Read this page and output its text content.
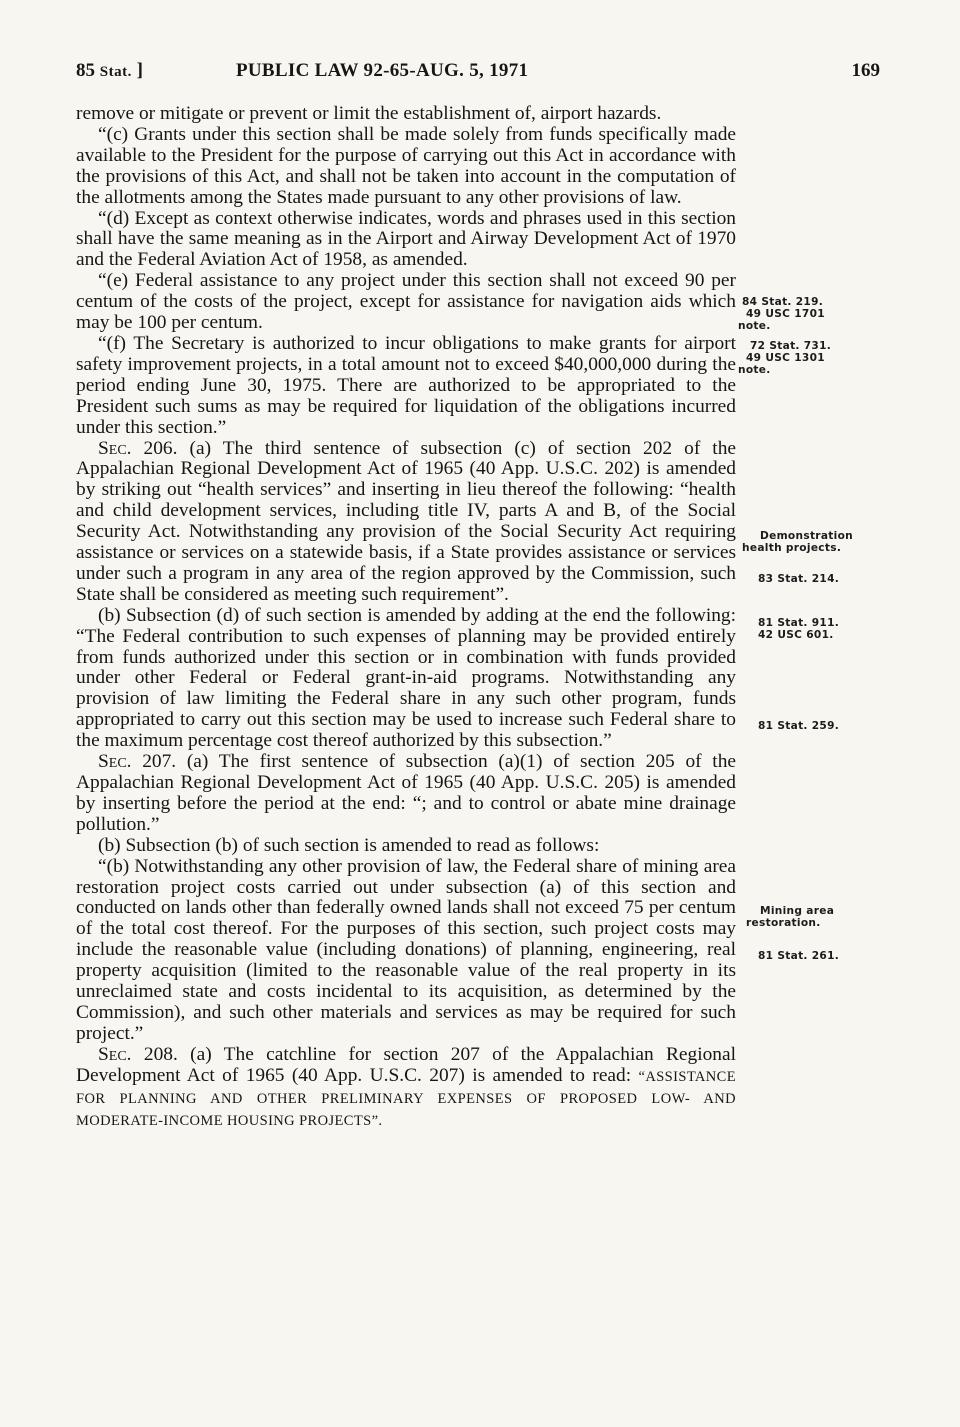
85 Stat. ]	PUBLIC LAW 92-65-AUG. 5, 1971	169

remove or mitigate or prevent or limit the establishment of, airport hazards.

“(c) Grants under this section shall be made solely from funds specifically made available to the President for the purpose of carrying out this Act in accordance with the provisions of this Act, and shall not be taken into account in the computation of the allotments among the States made pursuant to any other provisions of law.

“(d) Except as context otherwise indicates, words and phrases used in this section shall have the same meaning as in the Airport and Airway Development Act of 1970 and the Federal Aviation Act of 1958, as amended.

“(e) Federal assistance to any project under this section shall not exceed 90 per centum of the costs of the project, except for assistance for navigation aids which may be 100 per centum.

“(f) The Secretary is authorized to incur obligations to make grants for airport safety improvement projects, in a total amount not to exceed $40,000,000 during the period ending June 30, 1975. There are authorized to be appropriated to the President such sums as may be required for liquidation of the obligations incurred under this section.”

Sec. 206. (a) The third sentence of subsection (c) of section 202 of the Appalachian Regional Development Act of 1965 (40 App. U.S.C. 202) is amended by striking out “health services” and inserting in lieu thereof the following: “health and child development services, including title IV, parts A and B, of the Social Security Act. Notwithstanding any provision of the Social Security Act requiring assistance or services on a statewide basis, if a State provides assistance or services under such a program in any area of the region approved by the Commission, such State shall be considered as meeting such requirement”.

(b) Subsection (d) of such section is amended by adding at the end the following: “The Federal contribution to such expenses of planning may be provided entirely from funds authorized under this section or in combination with funds provided under other Federal or Federal grant-in-aid programs. Notwithstanding any provision of law limiting the Federal share in any such other program, funds appropriated to carry out this section may be used to increase such Federal share to the maximum percentage cost thereof authorized by this subsection.”

Sec. 207. (a) The first sentence of subsection (a)(1) of section 205 of the Appalachian Regional Development Act of 1965 (40 App. U.S.C. 205) is amended by inserting before the period at the end: “; and to control or abate mine drainage pollution.”

(b) Subsection (b) of such section is amended to read as follows:

“(b) Notwithstanding any other provision of law, the Federal share of mining area restoration project costs carried out under subsection (a) of this section and conducted on lands other than federally owned lands shall not exceed 75 per centum of the total cost thereof. For the purposes of this section, such project costs may include the reasonable value (including donations) of planning, engineering, real property acquisition (limited to the reasonable value of the real property in its unreclaimed state and costs incidental to its acquisition, as determined by the Commission), and such other materials and services as may be required for such project.”

Sec. 208. (a) The catchline for section 207 of the Appalachian Regional Development Act of 1965 (40 App. U.S.C. 207) is amended to read: “ASSISTANCE FOR PLANNING AND OTHER PRELIMINARY EXPENSES OF PROPOSED LOW- AND MODERATE-INCOME HOUSING PROJECTS”.

84 Stat. 219.
49 USC 1701
note.
72 Stat. 731.
49 USC 1301
note.
Demonstration
health projects.
83 Stat. 214.
81 Stat. 911.
42 USC 601.
81 Stat. 259.
Mining area
restoration.
81 Stat. 261.
